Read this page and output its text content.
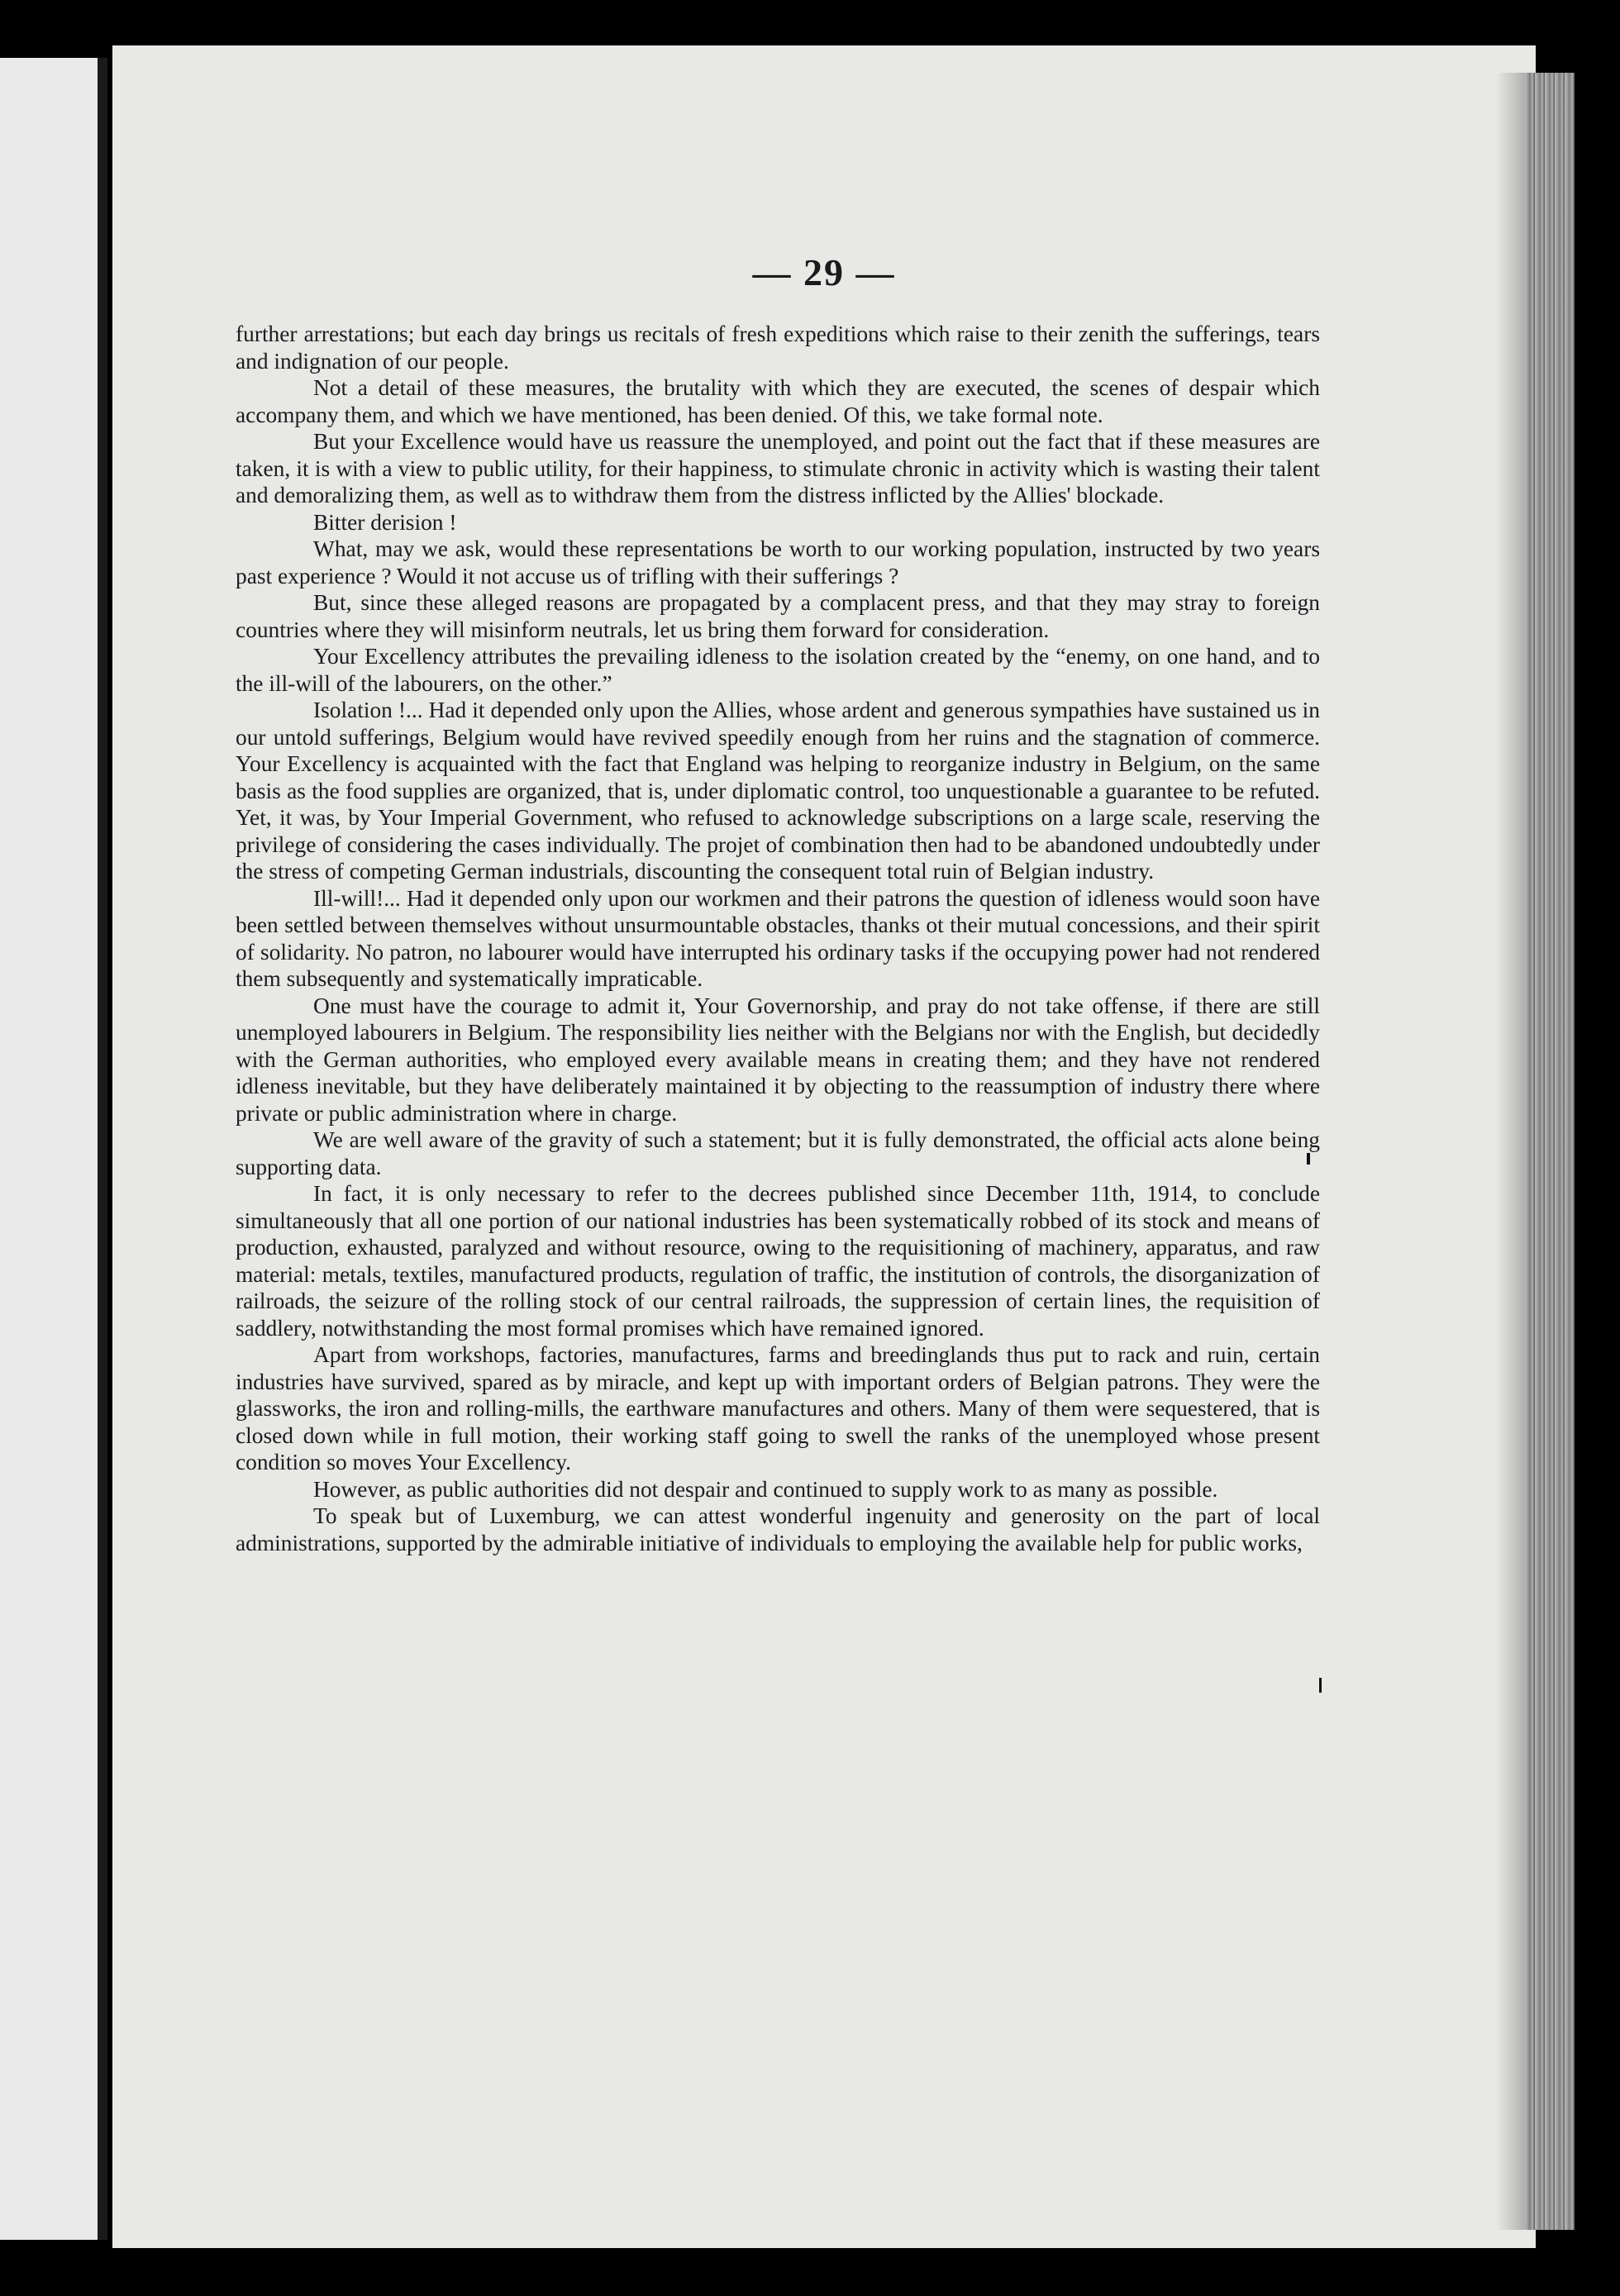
— 29 —

further arrestations; but each day brings us recitals of fresh expeditions which raise to their zenith the sufferings, tears and indignation of our people.

Not a detail of these measures, the brutality with which they are executed, the scenes of despair which accompany them, and which we have mentioned, has been denied. Of this, we take formal note.

But your Excellence would have us reassure the unemployed, and point out the fact that if these measures are taken, it is with a view to public utility, for their happiness, to stimulate chronic in activity which is wasting their talent and demoralizing them, as well as to withdraw them from the distress inflicted by the Allies' blockade.

Bitter derision !

What, may we ask, would these representations be worth to our working population, instructed by two years past experience ? Would it not accuse us of trifling with their sufferings ?

But, since these alleged reasons are propagated by a complacent press, and that they may stray to foreign countries where they will misinform neutrals, let us bring them forward for consideration.

Your Excellency attributes the prevailing idleness to the isolation created by the “enemy, on one hand, and to the ill-will of the labourers, on the other.”

Isolation !... Had it depended only upon the Allies, whose ardent and generous sympathies have sustained us in our untold sufferings, Belgium would have revived speedily enough from her ruins and the stagnation of commerce. Your Excellency is acquainted with the fact that England was helping to reorganize industry in Belgium, on the same basis as the food supplies are organized, that is, under diplomatic control, too unquestionable a guarantee to be refuted. Yet, it was, by Your Imperial Government, who refused to acknowledge subscriptions on a large scale, reserving the privilege of considering the cases individually. The projet of combination then had to be abandoned undoubtedly under the stress of competing German industrials, discounting the consequent total ruin of Belgian industry.

Ill-will!... Had it depended only upon our workmen and their patrons the question of idleness would soon have been settled between themselves without unsurmountable obstacles, thanks ot their mutual concessions, and their spirit of solidarity. No patron, no labourer would have interrupted his ordinary tasks if the occupying power had not rendered them subsequently and systematically impraticable.

One must have the courage to admit it, Your Governorship, and pray do not take offense, if there are still unemployed labourers in Belgium. The responsibility lies neither with the Belgians nor with the English, but decidedly with the German authorities, who employed every available means in creating them; and they have not rendered idleness inevitable, but they have deliberately maintained it by objecting to the reassumption of industry there where private or public administration where in charge.

We are well aware of the gravity of such a statement; but it is fully demonstrated, the official acts alone being supporting data.

In fact, it is only necessary to refer to the decrees published since December 11th, 1914, to conclude simultaneously that all one portion of our national industries has been systematically robbed of its stock and means of production, exhausted, paralyzed and without resource, owing to the requisitioning of machinery, apparatus, and raw material: metals, textiles, manufactured products, regulation of traffic, the institution of controls, the disorganization of railroads, the seizure of the rolling stock of our central railroads, the suppression of certain lines, the requisition of saddlery, notwithstanding the most formal promises which have remained ignored.

Apart from workshops, factories, manufactures, farms and breedinglands thus put to rack and ruin, certain industries have survived, spared as by miracle, and kept up with important orders of Belgian patrons. They were the glassworks, the iron and rolling-mills, the earthware manufactures and others. Many of them were sequestered, that is closed down while in full motion, their working staff going to swell the ranks of the unemployed whose present condition so moves Your Excellency.

However, as public authorities did not despair and continued to supply work to as many as possible.

To speak but of Luxemburg, we can attest wonderful ingenuity and generosity on the part of local administrations, supported by the admirable initiative of individuals to employing the available help for public works,
